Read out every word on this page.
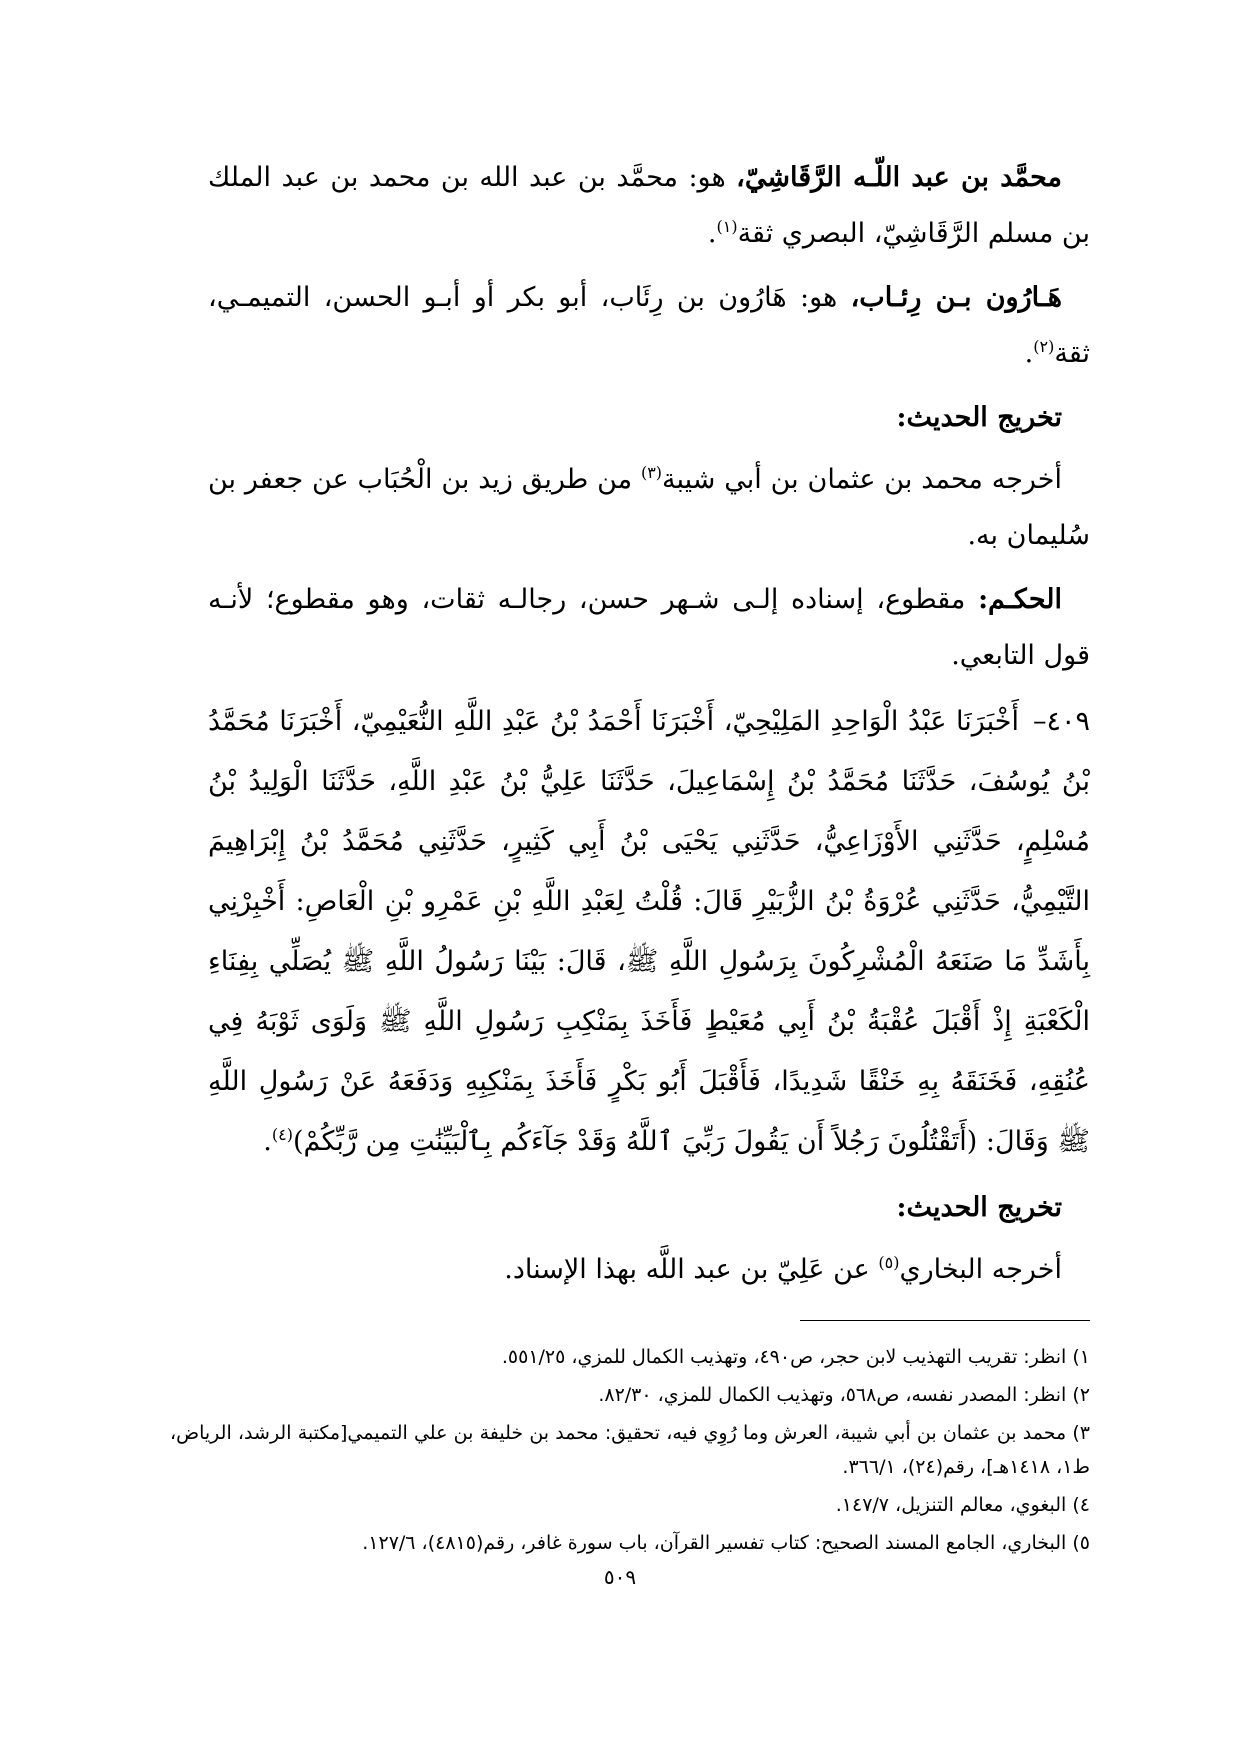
محمَّد بن عبد اللّـه الرَّقَاشِيّ، هو: محمَّد بن عبد الله بن محمد بن عبد الملك بن مسلم الرَّقَاشِيّ، البصري ثقة$^{(١)}$.

هَـارُون بـن رِئـاب، هو: هَارُون بن رِئَاب، أبو بكر أو أبـو الحسن، التميمـي، ثقة$^{(٢)}$.

تخريج الحديث:

أخرجه محمد بن عثمان بن أبي شيبة$^{(٣)}$ من طريق زيد بن الْحُبَاب عن جعفر بن سُليمان به.

الحكـم: مقطوع، إسناده إلـى شـهر حسن، رجالـه ثقات، وهو مقطوع؛ لأنـه قول التابعي.

٤٠٩–أَخْبَرَنَا عَبْدُ الْوَاحِدِ المَلِيْحِيّ، أَخْبَرَنَا أَحْمَدُ بْنُ عَبْدِ اللَّهِ النُّعَيْمِيّ، أَخْبَرَنَا مُحَمَّدُ بْنُ يُوسُفَ، حَدَّثَنَا مُحَمَّدُ بْنُ إِسْمَاعِيلَ، حَدَّثَنَا عَلِيُّ بْنُ عَبْدِ اللَّهِ، حَدَّثَنَا الْوَلِيدُ بْنُ مُسْلِمٍ، حَدَّثَنِي الأَوْزَاعِيُّ، حَدَّثَنِي يَحْيَى بْنُ أَبِي كَثِيرٍ، حَدَّثَنِي مُحَمَّدُ بْنُ إِبْرَاهِيمَ التَّيْمِيُّ، حَدَّثَنِي عُرْوَةُ بْنُ الزُّبَيْرِ قَالَ: قُلْتُ لِعَبْدِ اللَّهِ بْنِ عَمْرِو بْنِ الْعَاصِ: أَخْبِرْنِي بِأَشَدِّ مَا صَنَعَهُ الْمُشْرِكُونَ بِرَسُولِ اللَّهِ ﷺ، قَالَ: بَيْنَا رَسُولُ اللَّهِ ﷺ يُصَلِّي بِفِنَاءِ الْكَعْبَةِ إِذْ أَقْبَلَ عُقْبَةُ بْنُ أَبِي مُعَيْطٍ فَأَخَذَ بِمَنْكِبِ رَسُولِ اللَّهِ ﷺ وَلَوَى ثَوْبَهُ فِي عُنُقِهِ، فَخَنَقَهُ بِهِ خَنْقًا شَدِيدًا، فَأَقْبَلَ أَبُو بَكْرٍ فَأَخَذَ بِمَنْكِبِهِ وَدَفَعَهُ عَنْ رَسُولِ اللَّهِ ﷺ وَقَالَ: (أَتَقْتُلُونَ رَجُلاً أَن يَقُولَ رَبِّيَ ٱللَّهُ وَقَدْ جَآءَكُم بِٱلْبَيِّنَٰتِ مِن رَّبِّكُمْ)$^{(٤)}$.

تخريج الحديث:

أخرجه البخاري$^{(٥)}$ عن عَلِيّ بن عبد اللَّه بهذا الإسناد.

١) انظر: تقريب التهذيب لابن حجر، ص٤٩٠، وتهذيب الكمال للمزي، ٥٥١/٢٥.

٢) انظر: المصدر نفسه، ص٥٦٨، وتهذيب الكمال للمزي، ٨٢/٣٠.

٣) محمد بن عثمان بن أبي شيبة، العرش وما رُوِي فيه، تحقيق: محمد بن خليفة بن علي التميمي[مكتبة الرشد، الرياض، ط١، ١٤١٨هـ]، رقم(٢٤)، ٣٦٦/١.

٤) البغوي، معالم التنزيل، ١٤٧/٧.

٥) البخاري، الجامع المسند الصحيح: كتاب تفسير القرآن، باب سورة غافر، رقم(٤٨١٥)، ١٢٧/٦.

٥٠٩
